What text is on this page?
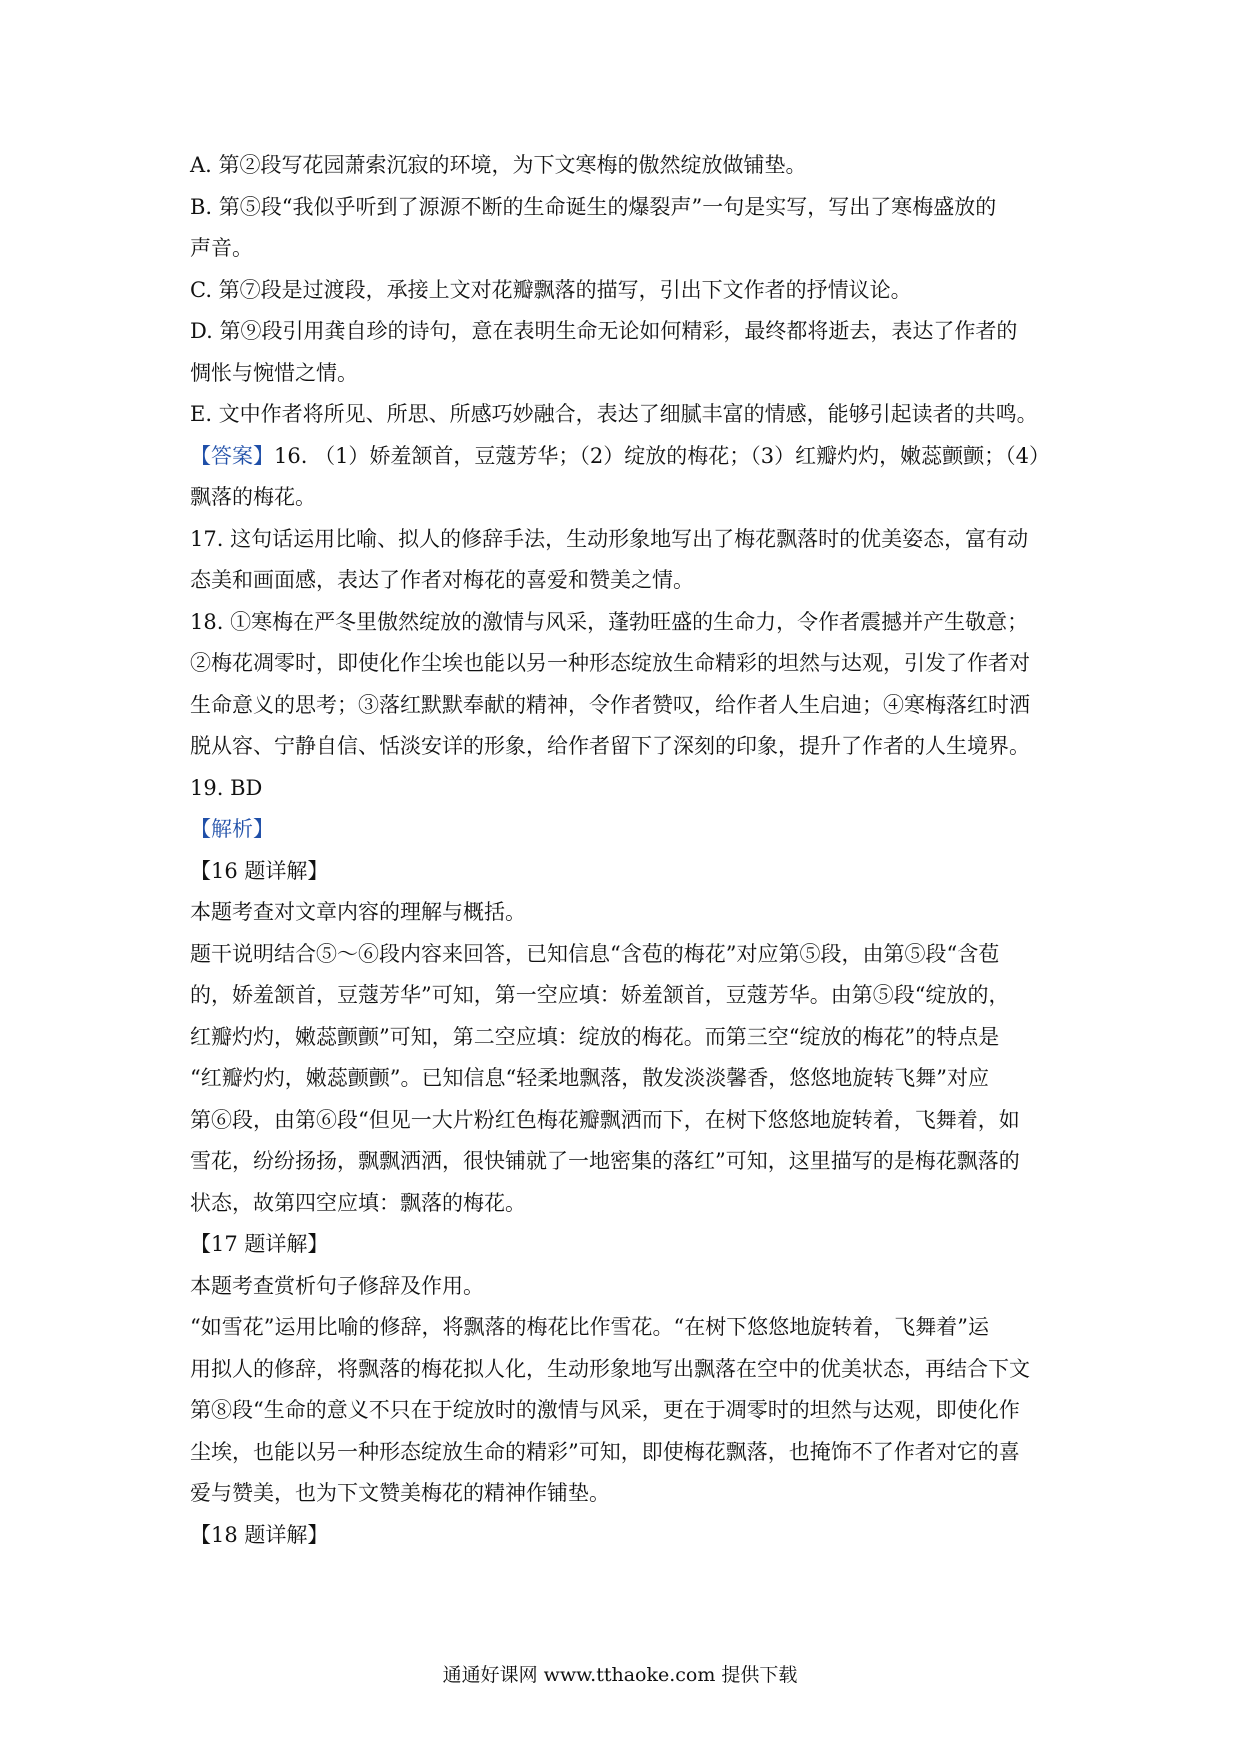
A. 第②段写花园萧索沉寂的环境，为下文寒梅的傲然绽放做铺垫。
B. 第⑤段“我似乎听到了源源不断的生命诞生的爆裂声”一句是实写，写出了寒梅盛放的
声音。
C. 第⑦段是过渡段，承接上文对花瓣飘落的描写，引出下文作者的抒情议论。
D. 第⑨段引用龚自珍的诗句，意在表明生命无论如何精彩，最终都将逝去，表达了作者的
惆怅与惋惜之情。
E. 文中作者将所见、所思、所感巧妙融合，表达了细腻丰富的情感，能够引起读者的共鸣。
【答案】16. （1）娇羞颔首，豆蔻芳华；（2）绽放的梅花；（3）红瓣灼灼，嫩蕊颤颤；（4）
飘落的梅花。
17. 这句话运用比喻、拟人的修辞手法，生动形象地写出了梅花飘落时的优美姿态，富有动
态美和画面感，表达了作者对梅花的喜爱和赞美之情。
18. ①寒梅在严冬里傲然绽放的激情与风采，蓬勃旺盛的生命力，令作者震撼并产生敬意；
②梅花凋零时，即使化作尘埃也能以另一种形态绽放生命精彩的坦然与达观，引发了作者对
生命意义的思考；③落红默默奉献的精神，令作者赞叹，给作者人生启迪；④寒梅落红时洒
脱从容、宁静自信、恬淡安详的形象，给作者留下了深刻的印象，提升了作者的人生境界。
19. BD
【解析】
【16 题详解】
本题考查对文章内容的理解与概括。
题干说明结合⑤～⑥段内容来回答，已知信息“含苞的梅花”对应第⑤段，由第⑤段“含苞
的，娇羞颔首，豆蔻芳华”可知，第一空应填：娇羞颔首，豆蔻芳华。由第⑤段“绽放的，
红瓣灼灼，嫩蕊颤颤”可知，第二空应填：绽放的梅花。而第三空“绽放的梅花”的特点是
“红瓣灼灼，嫩蕊颤颤”。已知信息“轻柔地飘落，散发淡淡馨香，悠悠地旋转飞舞”对应
第⑥段，由第⑥段“但见一大片粉红色梅花瓣飘洒而下，在树下悠悠地旋转着，飞舞着，如
雪花，纷纷扬扬，飘飘洒洒，很快铺就了一地密集的落红”可知，这里描写的是梅花飘落的
状态，故第四空应填：飘落的梅花。
【17 题详解】
本题考查赏析句子修辞及作用。
“如雪花”运用比喻的修辞，将飘落的梅花比作雪花。“在树下悠悠地旋转着，飞舞着”运
用拟人的修辞，将飘落的梅花拟人化，生动形象地写出飘落在空中的优美状态，再结合下文
第⑧段“生命的意义不只在于绽放时的激情与风采，更在于凋零时的坦然与达观，即使化作
尘埃，也能以另一种形态绽放生命的精彩”可知，即使梅花飘落，也掩饰不了作者对它的喜
爱与赞美，也为下文赞美梅花的精神作铺垫。
【18 题详解】
通通好课网 www.tthaoke.com 提供下载
